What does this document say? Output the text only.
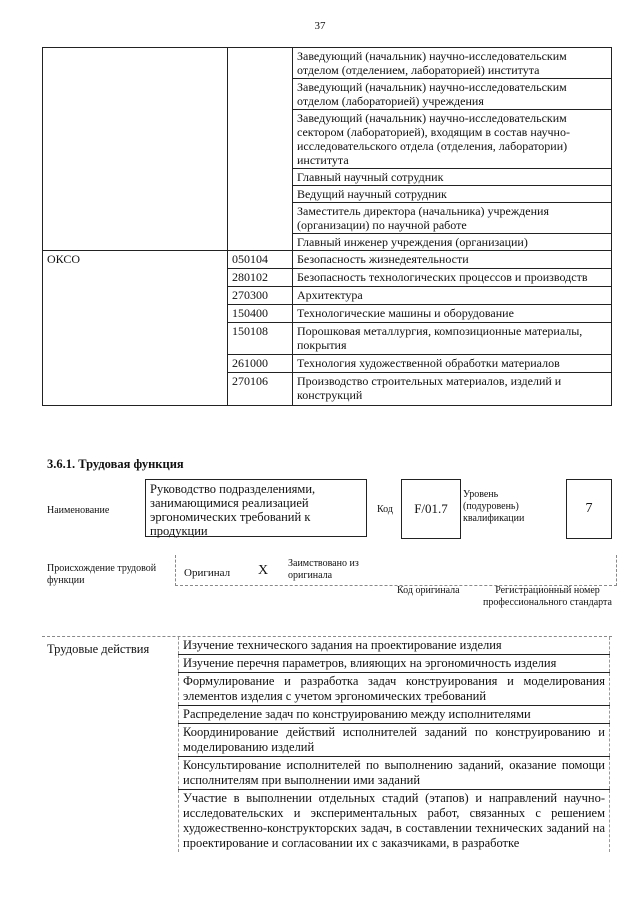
37
		Заведующий (начальник) научно-исследовательским отделом (отделением, лабораторией) института
		Заведующий (начальник) научно-исследовательским отделом (лабораторией) учреждения
		Заведующий (начальник) научно-исследовательским сектором (лабораторией), входящим в состав научно-исследовательского отдела (отделения, лаборатории) института
		Главный научный сотрудник
		Ведущий научный сотрудник
		Заместитель директора (начальника) учреждения (организации) по научной работе
		Главный инженер учреждения (организации)
ОКСО	050104	Безопасность жизнедеятельности
	280102	Безопасность технологических процессов и производств
	270300	Архитектура
	150400	Технологические машины и оборудование
	150108	Порошковая металлургия, композиционные материалы, покрытия
	261000	Технология художественной обработки материалов
	270106	Производство строительных материалов, изделий и конструкций
3.6.1. Трудовая функция
Наименование
Руководство подразделениями, занимающимися реализацией эргономических требований к продукции
Код	F/01.7
Уровень (подуровень) квалификации
7
Происхождение трудовой функции
Оригинал X Заимствовано из оригинала
Код оригинала	Регистрационный номер профессионального стандарта
Трудовые действия	Изучение технического задания на проектирование изделия
Изучение перечня параметров, влияющих на эргономичность изделия
Формулирование и разработка задач конструирования и моделирования элементов изделия с учетом эргономических требований
Распределение задач по конструированию между исполнителями
Координирование действий исполнителей заданий по конструированию и моделированию изделий
Консультирование исполнителей по выполнению заданий, оказание помощи исполнителям при выполнении ими заданий
Участие в выполнении отдельных стадий (этапов) и направлений научно-исследовательских и экспериментальных работ, связанных с решением художественно-конструкторских задач, в составлении технических заданий на проектирование и согласовании их с заказчиками, в разработке
